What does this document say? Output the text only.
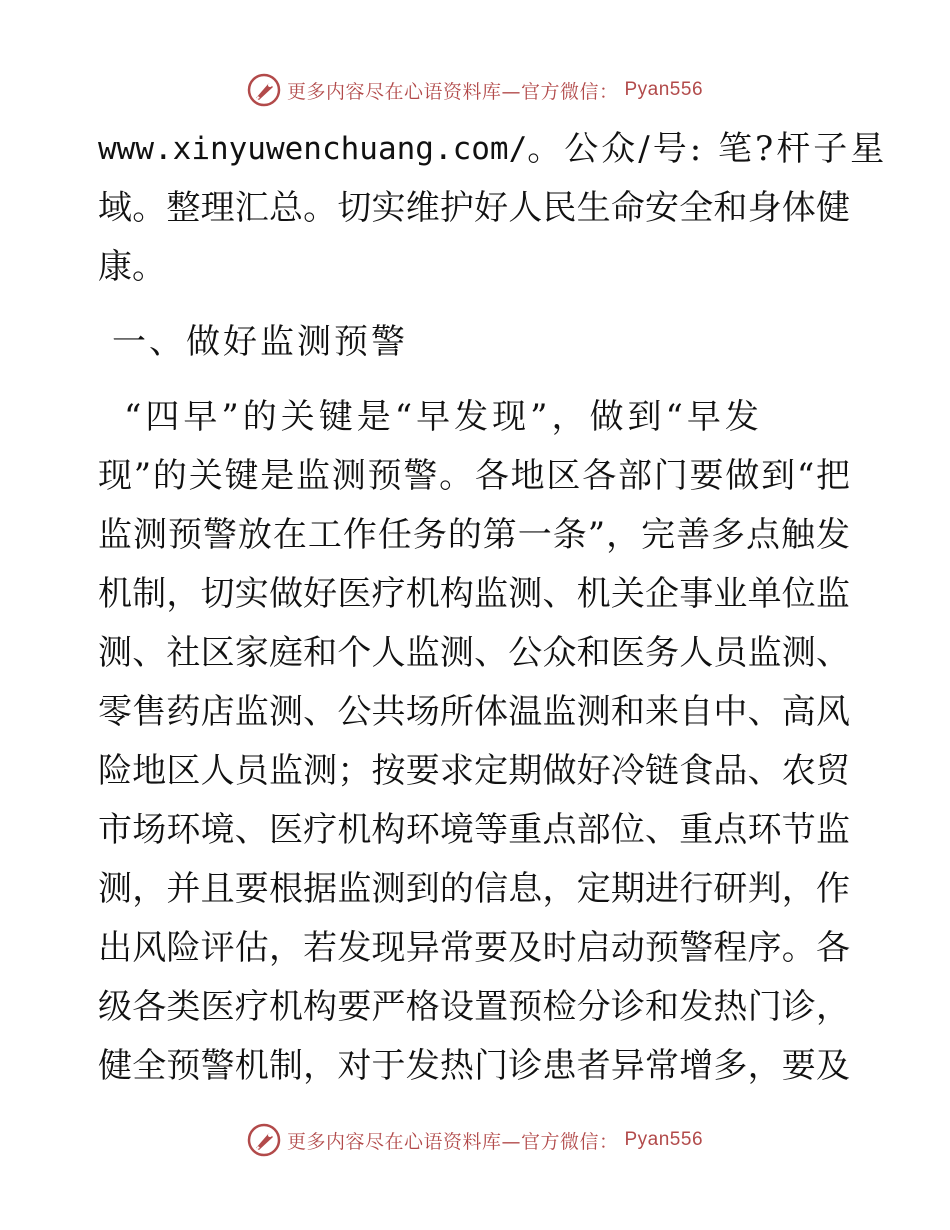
更多内容尽在心语资料库—官方微信： Pyan556
www.xinyuwenchuang.com/ 。公众/号: 笔?杆子星
域。整理汇总。切实维护好人民生命安全和身体健
康。
一、做好监测预警
“四早”的关键是“早发现”，做到“早发
现”的关键是监测预警。各地区各部门要做到“把
监测预警放在工作任务的第一条”，完善多点触发
机制，切实做好医疗机构监测、机关企事业单位监
测、社区家庭和个人监测、公众和医务人员监测、
零售药店监测、公共场所体温监测和来自中、高风
险地区人员监测；按要求定期做好冷链食品、农贸
市场环境、医疗机构环境等重点部位、重点环节监
测，并且要根据监测到的信息，定期进行研判，作
出风险评估，若发现异常要及时启动预警程序。各
级各类医疗机构要严格设置预检分诊和发热门诊，
健全预警机制，对于发热门诊患者异常增多，要及
更多内容尽在心语资料库—官方微信： Pyan556
